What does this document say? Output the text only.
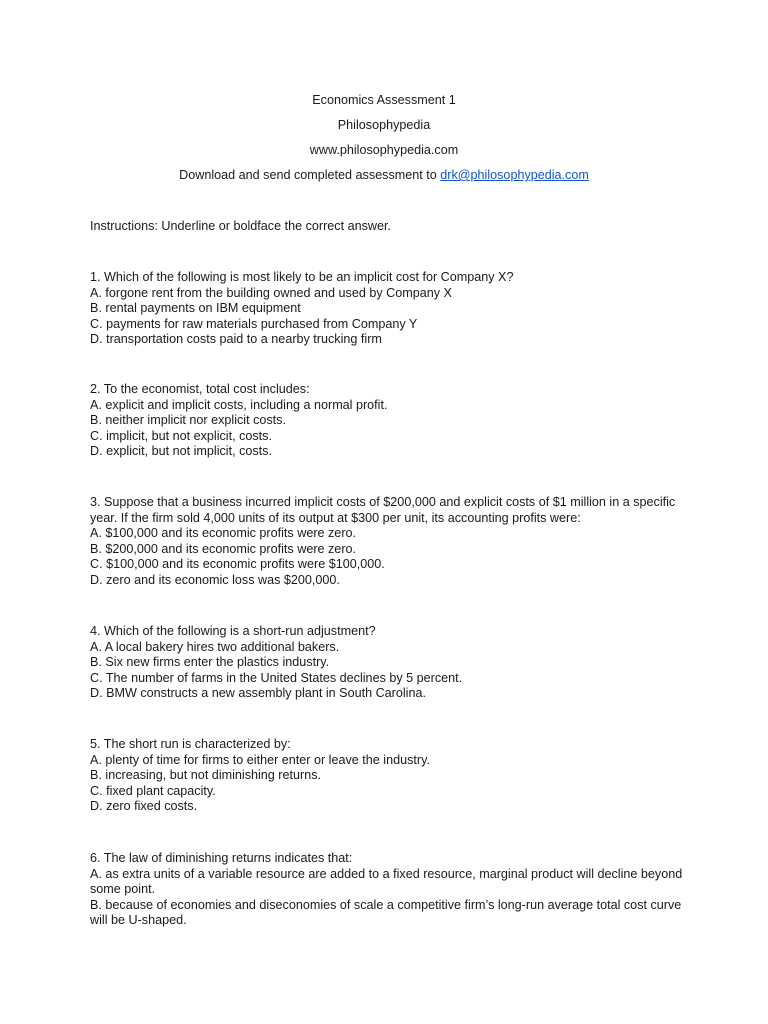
Economics Assessment 1
Philosophypedia
www.philosophypedia.com
Download and send completed assessment to drk@philosophypedia.com
Instructions: Underline or boldface the correct answer.
1. Which of the following is most likely to be an implicit cost for Company X?
A. forgone rent from the building owned and used by Company X
B. rental payments on IBM equipment
C. payments for raw materials purchased from Company Y
D. transportation costs paid to a nearby trucking firm
2. To the economist, total cost includes:
A. explicit and implicit costs, including a normal profit.
B. neither implicit nor explicit costs.
C. implicit, but not explicit, costs.
D. explicit, but not implicit, costs.
3. Suppose that a business incurred implicit costs of $200,000 and explicit costs of $1 million in a specific year. If the firm sold 4,000 units of its output at $300 per unit, its accounting profits were:
A. $100,000 and its economic profits were zero.
B. $200,000 and its economic profits were zero.
C. $100,000 and its economic profits were $100,000.
D. zero and its economic loss was $200,000.
4. Which of the following is a short-run adjustment?
A. A local bakery hires two additional bakers.
B. Six new firms enter the plastics industry.
C. The number of farms in the United States declines by 5 percent.
D. BMW constructs a new assembly plant in South Carolina.
5. The short run is characterized by:
A. plenty of time for firms to either enter or leave the industry.
B. increasing, but not diminishing returns.
C. fixed plant capacity.
D. zero fixed costs.
6. The law of diminishing returns indicates that:
A. as extra units of a variable resource are added to a fixed resource, marginal product will decline beyond some point.
B. because of economies and diseconomies of scale a competitive firm’s long-run average total cost curve will be U-shaped.
